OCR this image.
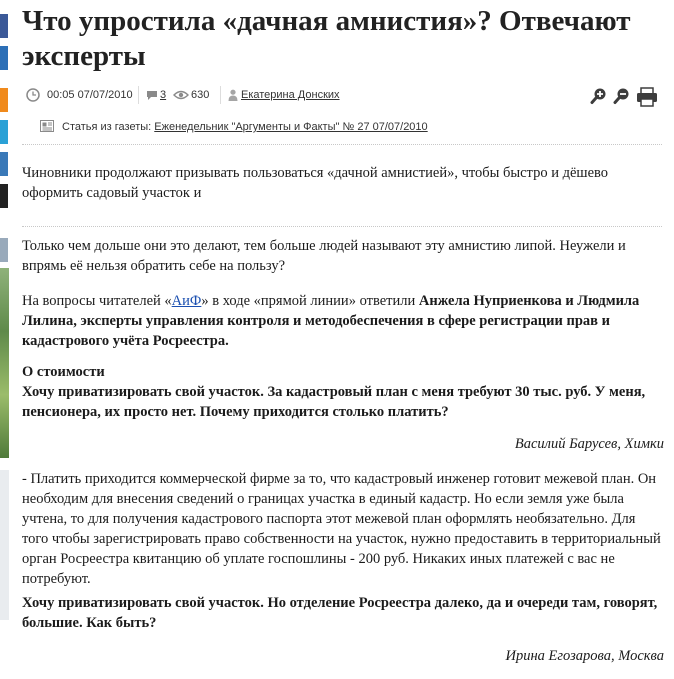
Что упростила «дачная амнистия»? Отвечают эксперты
00:05 07/07/2010 3 630	Екатерина Донских
Статья из газеты: Еженедельник "Аргументы и Факты" № 27 07/07/2010

Чиновники продолжают призывать пользоваться «дачной амнистией», чтобы быстро и дёшево оформить садовый участок и

Только чем дольше они это делают, тем больше людей называют эту амнистию липой. Неужели и впрямь её нельзя обратить себе на пользу?

На вопросы читателей «АиФ» в ходе «прямой линии» ответили Анжела Нуприенкова и Людмила Лилина, эксперты управления контроля и методобеспечения в сфере регистрации прав и кадастрового учёта Росреестра.

О стоимости

Хочу приватизировать свой участок. За кадастровый план с меня требуют 30 тыс. руб. У меня, пенсионера, их просто нет. Почему приходится столько платить?

Василий Барусев, Химки

- Платить приходится коммерческой фирме за то, что кадастровый инженер готовит межевой план. Он необходим для внесения сведений о границах участка в единый кадастр. Но если земля уже была учтена, то для получения кадастрового паспорта этот межевой план оформлять необязательно. Для того чтобы зарегистрировать право собственности на участок, нужно предоставить в территориальный орган Росреестра квитанцию об уплате госпошлины - 200 руб. Никаких иных платежей с вас не потребуют.

Хочу приватизировать свой участок. Но отделение Росреестра далеко, да и очереди там, говорят, большие. Как быть?

Ирина Егозарова, Москва
